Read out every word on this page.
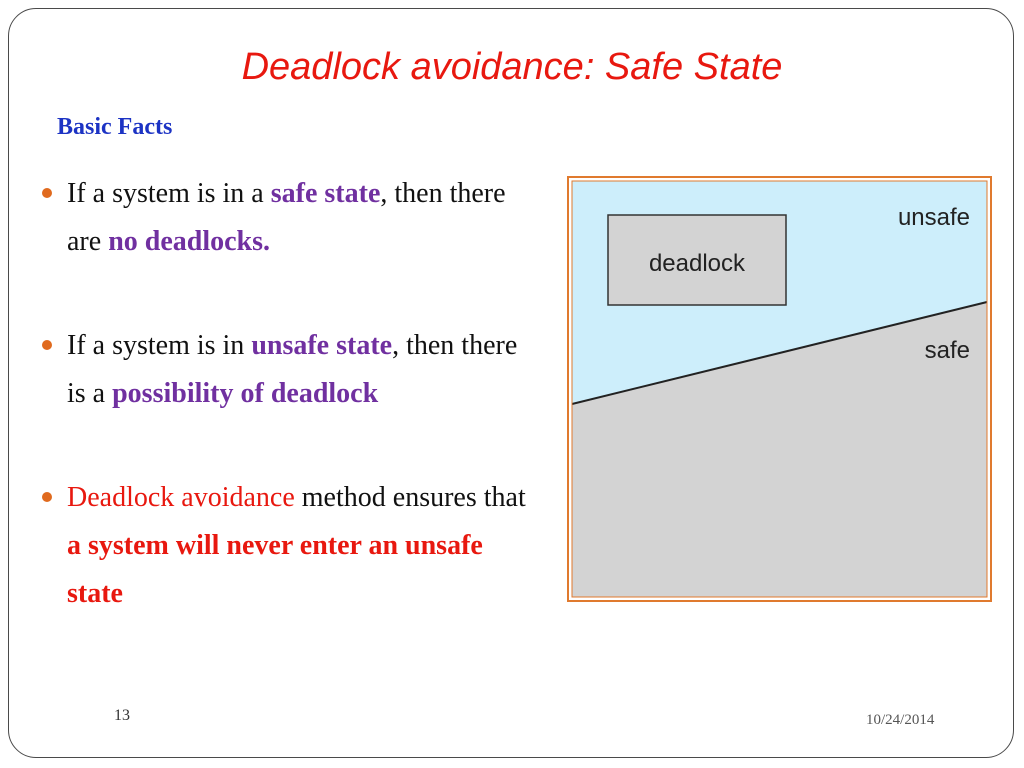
Deadlock avoidance: Safe State
Basic Facts
If a system is in a safe state, then there are no deadlocks.
If a system is in unsafe state, then there is a possibility of deadlock
Deadlock avoidance method ensures that a system will never enter an unsafe state
deadlock
unsafe
safe
13	10/24/2014
